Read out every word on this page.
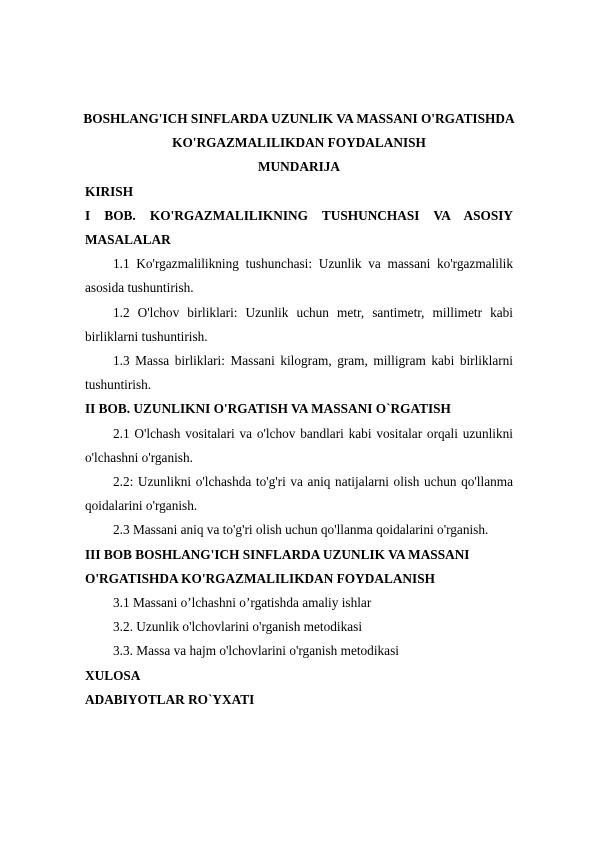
BOSHLANG'ICH SINFLARDA UZUNLIK VA MASSANI O'RGATISHDA

KO'RGAZMALILIKDAN FOYDALANISH

MUNDARIJA

KIRISH

I BOB. KO'RGAZMALILIKNING TUSHUNCHASI VA ASOSIY

MASALALAR

1.1 Ko'rgazmalilikning tushunchasi: Uzunlik va massani ko'rgazmalilik
asosida tushuntirish.

1.2 O'lchov birliklari: Uzunlik uchun metr, santimetr, millimetr kabi
birliklarni tushuntirish.

1.3 Massa birliklari: Massani kilogram, gram, milligram kabi birliklarni
tushuntirish.

II BOB. UZUNLIKNI O'RGATISH VA MASSANI O`RGATISH

2.1 O'lchash vositalari va o'lchov bandlari kabi vositalar orqali uzunlikni
o'lchashni o'rganish.

2.2: Uzunlikni o'lchashda to'g'ri va aniq natijalarni olish uchun qo'llanma
qoidalarini o'rganish.

2.3 Massani aniq va to'g'ri olish uchun qo'llanma qoidalarini o'rganish.

III BOB BOSHLANG'ICH SINFLARDA UZUNLIK VA MASSANI

O'RGATISHDA KO'RGAZMALILIKDAN FOYDALANISH

3.1 Massani o’lchashni o’rgatishda amaliy ishlar

3.2. Uzunlik o'lchovlarini o'rganish metodikasi

3.3. Massa va hajm o'lchovlarini o'rganish metodikasi

XULOSA

ADABIYOTLAR RO`YXATI
